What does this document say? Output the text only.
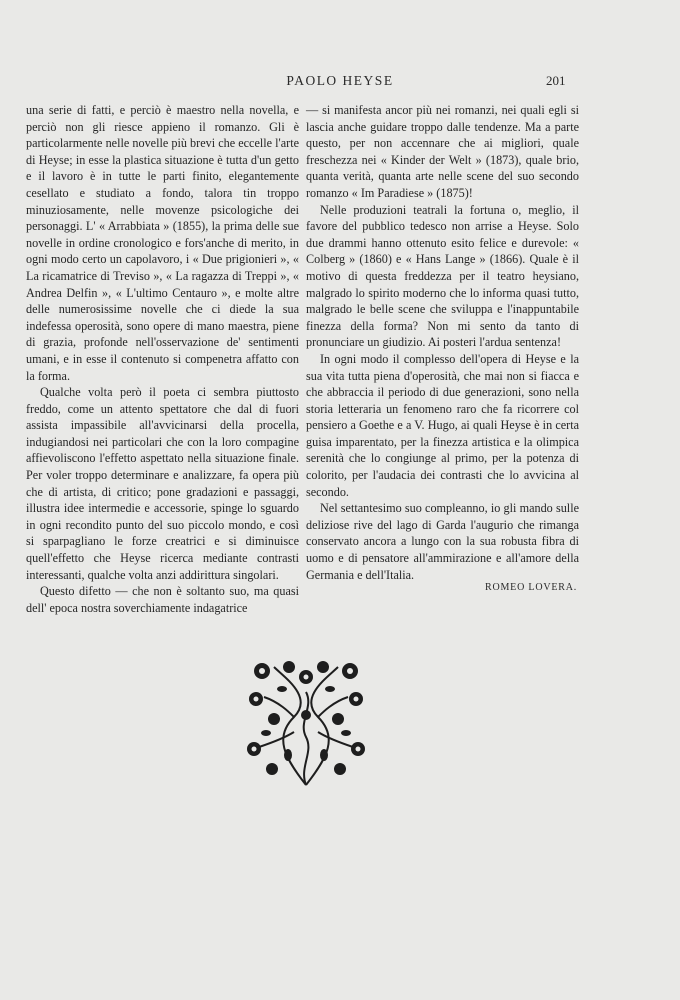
PAOLO HEYSE	201

una serie di fatti, e perciò è maestro nella novella, e perciò non gli riesce appieno il romanzo. Gli è particolarmente nelle novelle più brevi che eccelle l'arte di Heyse; in esse la plastica situazione è tutta d'un getto e il lavoro è in tutte le parti finito, elegantemente cesellato e studiato a fondo, talora tin troppo minuziosamente, nelle movenze psicologiche dei personaggi. L' « Arrabbiata » (1855), la prima delle sue novelle in ordine cronologico e fors'anche di merito, in ogni modo certo un capolavoro, i « Due prigionieri », « La ricamatrice di Treviso », « La ragazza di Treppi », « Andrea Delfin », « L'ultimo Centauro », e molte altre delle numerosissime novelle che ci diede la sua indefessa operosità, sono opere di mano maestra, piene di grazia, profonde nell'osservazione de' sentimenti umani, e in esse il contenuto si compenetra affatto con la forma.

Qualche volta però il poeta ci sembra piuttosto freddo, come un attento spettatore che dal di fuori assista impassibile all'avvicinarsi della procella, indugiandosi nei particolari che con la loro compagine affievoliscono l'effetto aspettato nella situazione finale. Per voler troppo determinare e analizzare, fa opera più che di artista, di critico; pone gradazioni e passaggi, illustra idee intermedie e accessorie, spinge lo sguardo in ogni recondito punto del suo piccolo mondo, e così si sparpagliano le forze creatrici e si diminuisce quell'effetto che Heyse ricerca mediante contrasti interessanti, qualche volta anzi addirittura singolari.

Questo difetto — che non è soltanto suo, ma quasi dell' epoca nostra soverchiamente indagatrice

— si manifesta ancor più nei romanzi, nei quali egli si lascia anche guidare troppo dalle tendenze. Ma a parte questo, per non accennare che ai migliori, quale freschezza nei « Kinder der Welt » (1873), quale brio, quanta verità, quanta arte nelle scene del suo secondo romanzo « Im Paradiese » (1875)!

Nelle produzioni teatrali la fortuna o, meglio, il favore del pubblico tedesco non arrise a Heyse. Solo due drammi hanno ottenuto esito felice e durevole: « Colberg » (1860) e « Hans Lange » (1866). Quale è il motivo di questa freddezza per il teatro heysiano, malgrado lo spirito moderno che lo informa quasi tutto, malgrado le belle scene che sviluppa e l'inappuntabile finezza della forma? Non mi sento da tanto di pronunciare un giudizio. Ai posteri l'ardua sentenza!

In ogni modo il complesso dell'opera di Heyse e la sua vita tutta piena d'operosità, che mai non si fiacca e che abbraccia il periodo di due generazioni, sono nella storia letteraria un fenomeno raro che fa ricorrere col pensiero a Goethe e a V. Hugo, ai quali Heyse è in certa guisa imparentato, per la finezza artistica e la olimpica serenità che lo congiunge al primo, per la potenza di colorito, per l'audacia dei contrasti che lo avvicina al secondo.

Nel settantesimo suo compleanno, io gli mando sulle deliziose rive del lago di Garda l'augurio che rimanga conservato ancora a lungo con la sua robusta fibra di uomo e di pensatore all'ammirazione e all'amore della Germania e dell'Italia.

ROMEO LOVERA.
